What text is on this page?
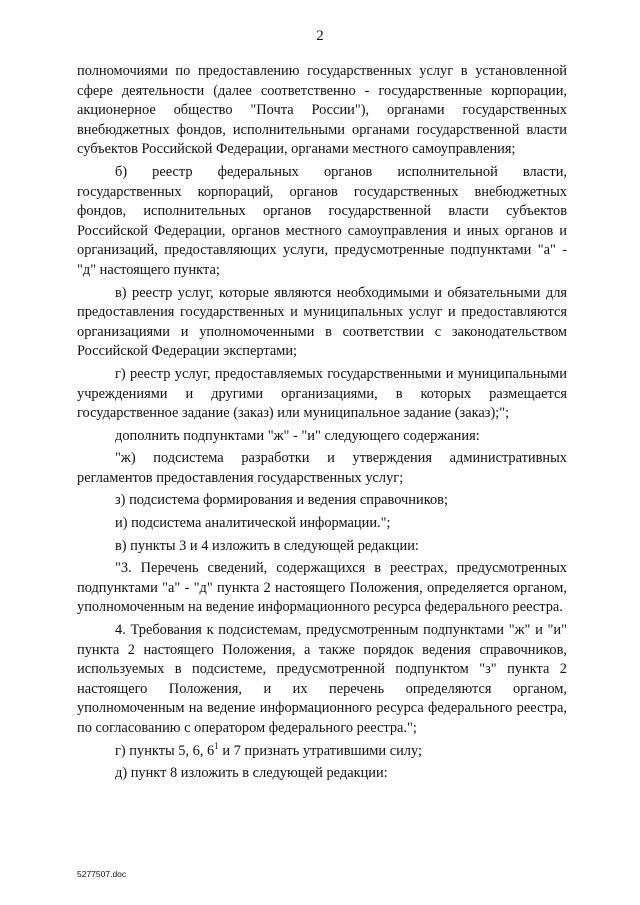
2

полномочиями по предоставлению государственных услуг в установленной сфере деятельности (далее соответственно - государственные корпорации, акционерное общество "Почта России"), органами государственных внебюджетных фондов, исполнительными органами государственной власти субъектов Российской Федерации, органами местного самоуправления;

б) реестр федеральных органов исполнительной власти, государственных корпораций, органов государственных внебюджетных фондов, исполнительных органов государственной власти субъектов Российской Федерации, органов местного самоуправления и иных органов и организаций, предоставляющих услуги, предусмотренные подпунктами "а" - "д" настоящего пункта;

в) реестр услуг, которые являются необходимыми и обязательными для предоставления государственных и муниципальных услуг и предоставляются организациями и уполномоченными в соответствии с законодательством Российской Федерации экспертами;

г) реестр услуг, предоставляемых государственными и муниципальными учреждениями и другими организациями, в которых размещается государственное задание (заказ) или муниципальное задание (заказ);";

дополнить подпунктами "ж" - "и" следующего содержания:

"ж) подсистема разработки и утверждения административных регламентов предоставления государственных услуг;

з) подсистема формирования и ведения справочников;

и) подсистема аналитической информации.";

в) пункты 3 и 4 изложить в следующей редакции:

"3. Перечень сведений, содержащихся в реестрах, предусмотренных подпунктами "а" - "д" пункта 2 настоящего Положения, определяется органом, уполномоченным на ведение информационного ресурса федерального реестра.

4. Требования к подсистемам, предусмотренным подпунктами "ж" и "и" пункта 2 настоящего Положения, а также порядок ведения справочников, используемых в подсистеме, предусмотренной подпунктом "з" пункта 2 настоящего Положения, и их перечень определяются органом, уполномоченным на ведение информационного ресурса федерального реестра, по согласованию с оператором федерального реестра.";

г) пункты 5, 6, $6^1$ и 7 признать утратившими силу;

д) пункт 8 изложить в следующей редакции:

5277507.doc
